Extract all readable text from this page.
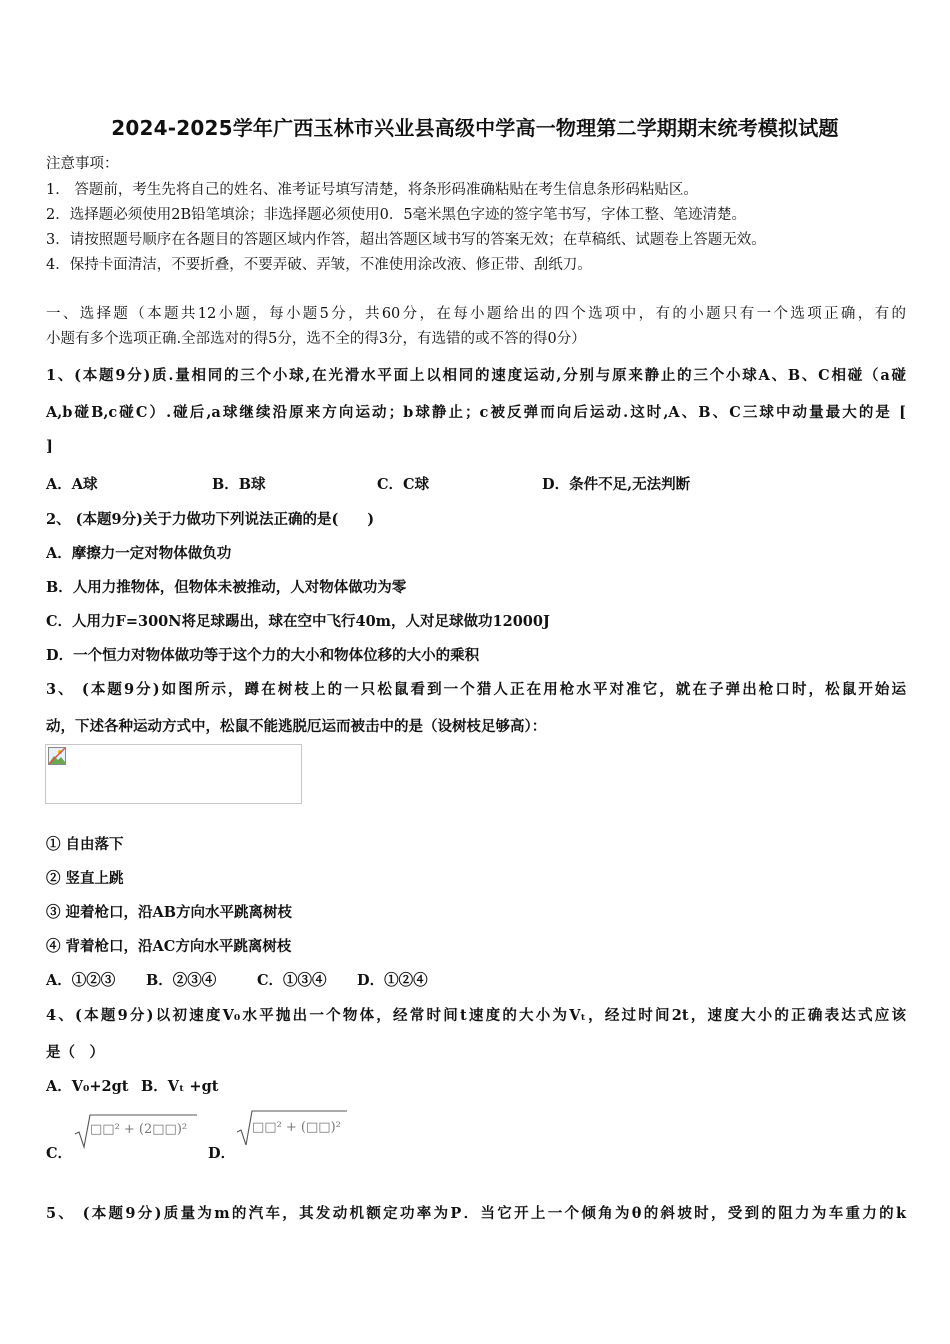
2024-2025学年广西玉林市兴业县高级中学高一物理第二学期期末统考模拟试题
注意事项：
1． 答题前，考生先将自己的姓名、准考证号填写清楚，将条形码准确粘贴在考生信息条形码粘贴区。
2．选择题必须使用2B铅笔填涂；非选择题必须使用0．5毫米黑色字迹的签字笔书写，字体工整、笔迹清楚。
3．请按照题号顺序在各题目的答题区域内作答，超出答题区域书写的答案无效；在草稿纸、试题卷上答题无效。
4．保持卡面清洁，不要折叠，不要弄破、弄皱，不准使用涂改液、修正带、刮纸刀。
一、选择题（本题共12小题，每小题5分，共60分，在每小题给出的四个选项中，有的小题只有一个选项正确，有的
小题有多个选项正确.全部选对的得5分，选不全的得3分，有选错的或不答的得0分）
1、(本题9分)质.量相同的三个小球,在光滑水平面上以相同的速度运动,分别与原来静止的三个小球A、B、C相碰（a碰
A,b碰B,c碰C）.碰后,a球继续沿原来方向运动；b球静止；c被反弹而向后运动.这时,A、B、C三球中动量最大的是 [
]
A．A球	B．B球	C．C球	D．条件不足,无法判断
2、 (本题9分)关于力做功下列说法正确的是(　　)
A．摩擦力一定对物体做负功
B．人用力推物体，但物体未被推动，人对物体做功为零
C．人用力F=300N将足球踢出，球在空中飞行40m，人对足球做功12000J
D．一个恒力对物体做功等于这个力的大小和物体位移的大小的乘积
3、 (本题9分)如图所示，蹲在树枝上的一只松鼠看到一个猎人正在用枪水平对准它，就在子弹出枪口时，松鼠开始运
动，下述各种运动方式中，松鼠不能逃脱厄运而被击中的是（设树枝足够高）：
① 自由落下
② 竖直上跳
③ 迎着枪口，沿AB方向水平跳离树枝
④ 背着枪口，沿AC方向水平跳离树枝
A．①②③ B．②③④	C．①③④ D．①②④
4、(本题9分)以初速度V₀水平抛出一个物体，经常时间t速度的大小为Vₜ，经过时间2t，速度大小的正确表达式应该
是（　）
A．V₀+2gt B．Vₜ +gt
C．
□□² + (2□□)²
D．
□□² + (□□)²
5、 (本题9分)质量为m的汽车，其发动机额定功率为P．当它开上一个倾角为θ的斜坡时，受到的阻力为车重力的k
